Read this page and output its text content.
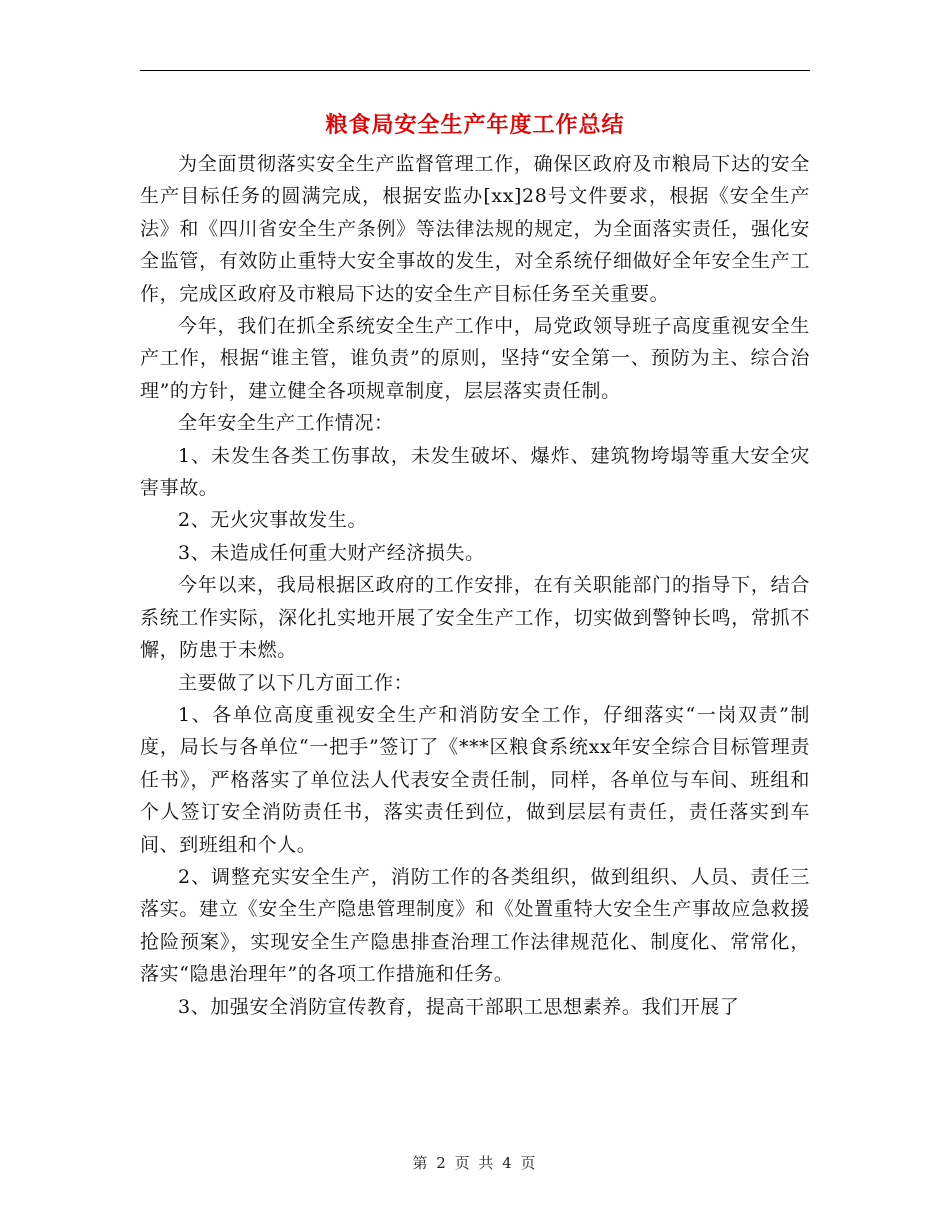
粮食局安全生产年度工作总结

为全面贯彻落实安全生产监督管理工作，确保区政府及市粮局下达的安全生产目标任务的圆满完成，根据安监办[xx]28号文件要求，根据《安全生产法》和《四川省安全生产条例》等法律法规的规定，为全面落实责任，强化安全监管，有效防止重特大安全事故的发生，对全系统仔细做好全年安全生产工作，完成区政府及市粮局下达的安全生产目标任务至关重要。

今年，我们在抓全系统安全生产工作中，局党政领导班子高度重视安全生产工作，根据“谁主管，谁负责”的原则，坚持“安全第一、预防为主、综合治理”的方针，建立健全各项规章制度，层层落实责任制。

全年安全生产工作情况：

1、未发生各类工伤事故，未发生破坏、爆炸、建筑物垮塌等重大安全灾害事故。

2、无火灾事故发生。

3、未造成任何重大财产经济损失。

今年以来，我局根据区政府的工作安排，在有关职能部门的指导下，结合系统工作实际，深化扎实地开展了安全生产工作，切实做到警钟长鸣，常抓不懈，防患于未燃。

主要做了以下几方面工作：

1、各单位高度重视安全生产和消防安全工作，仔细落实“一岗双责”制度，局长与各单位“一把手”签订了《***区粮食系统xx年安全综合目标管理责任书》，严格落实了单位法人代表安全责任制，同样，各单位与车间、班组和个人签订安全消防责任书，落实责任到位，做到层层有责任，责任落实到车间、到班组和个人。

2、调整充实安全生产，消防工作的各类组织，做到组织、人员、责任三落实。建立《安全生产隐患管理制度》和《处置重特大安全生产事故应急救援抢险预案》，实现安全生产隐患排查治理工作法律规范化、制度化、常常化，落实“隐患治理年”的各项工作措施和任务。

3、加强安全消防宣传教育，提高干部职工思想素养。我们开展了

第 2 页 共 4 页
